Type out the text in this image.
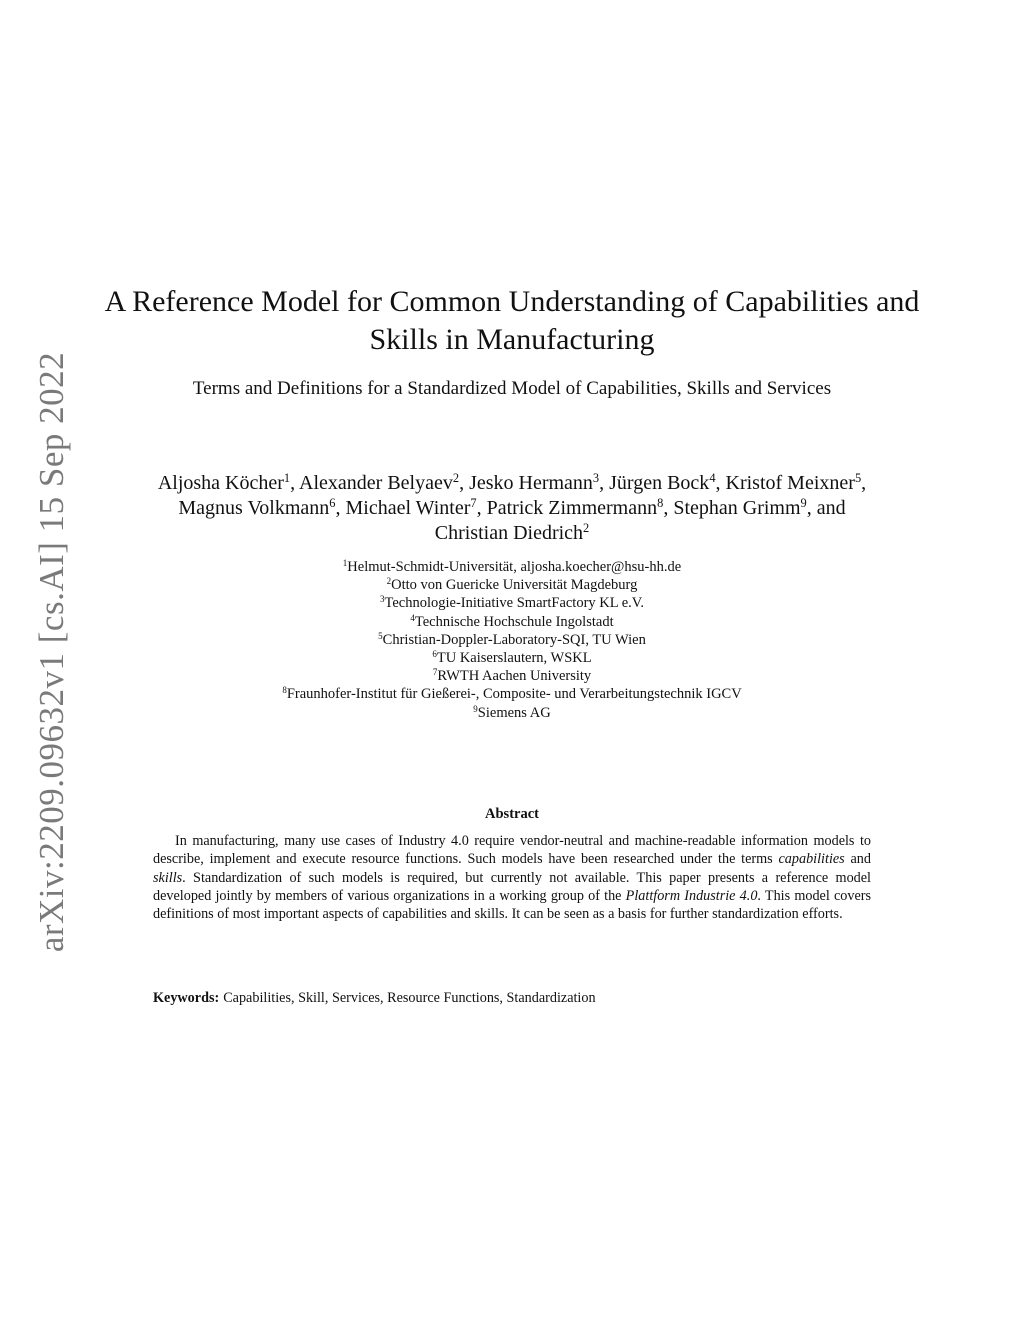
arXiv:2209.09632v1 [cs.AI] 15 Sep 2022
A Reference Model for Common Understanding of Capabilities and Skills in Manufacturing
Terms and Definitions for a Standardized Model of Capabilities, Skills and Services
Aljosha Köcher$^1$, Alexander Belyaev$^2$, Jesko Hermann$^3$, Jürgen Bock$^4$, Kristof Meixner$^5$,
Magnus Volkmann$^6$, Michael Winter$^7$, Patrick Zimmermann$^8$, Stephan Grimm$^9$, and
Christian Diedrich$^2$
$^1$Helmut-Schmidt-Universität, aljosha.koecher@hsu-hh.de
$^2$Otto von Guericke Universität Magdeburg
$^3$Technologie-Initiative SmartFactory KL e.V.
$^4$Technische Hochschule Ingolstadt
$^5$Christian-Doppler-Laboratory-SQI, TU Wien
$^6$TU Kaiserslautern, WSKL
$^7$RWTH Aachen University
$^8$Fraunhofer-Institut für Gießerei-, Composite- und Verarbeitungstechnik IGCV
$^9$Siemens AG
Abstract
In manufacturing, many use cases of Industry 4.0 require vendor-neutral and machine-readable information models to describe, implement and execute resource functions. Such models have been researched under the terms capabilities and skills. Standardization of such models is required, but currently not available. This paper presents a reference model developed jointly by members of various organizations in a working group of the Plattform Industrie 4.0. This model covers definitions of most important aspects of capabilities and skills. It can be seen as a basis for further standardization efforts.
Keywords: Capabilities, Skill, Services, Resource Functions, Standardization
